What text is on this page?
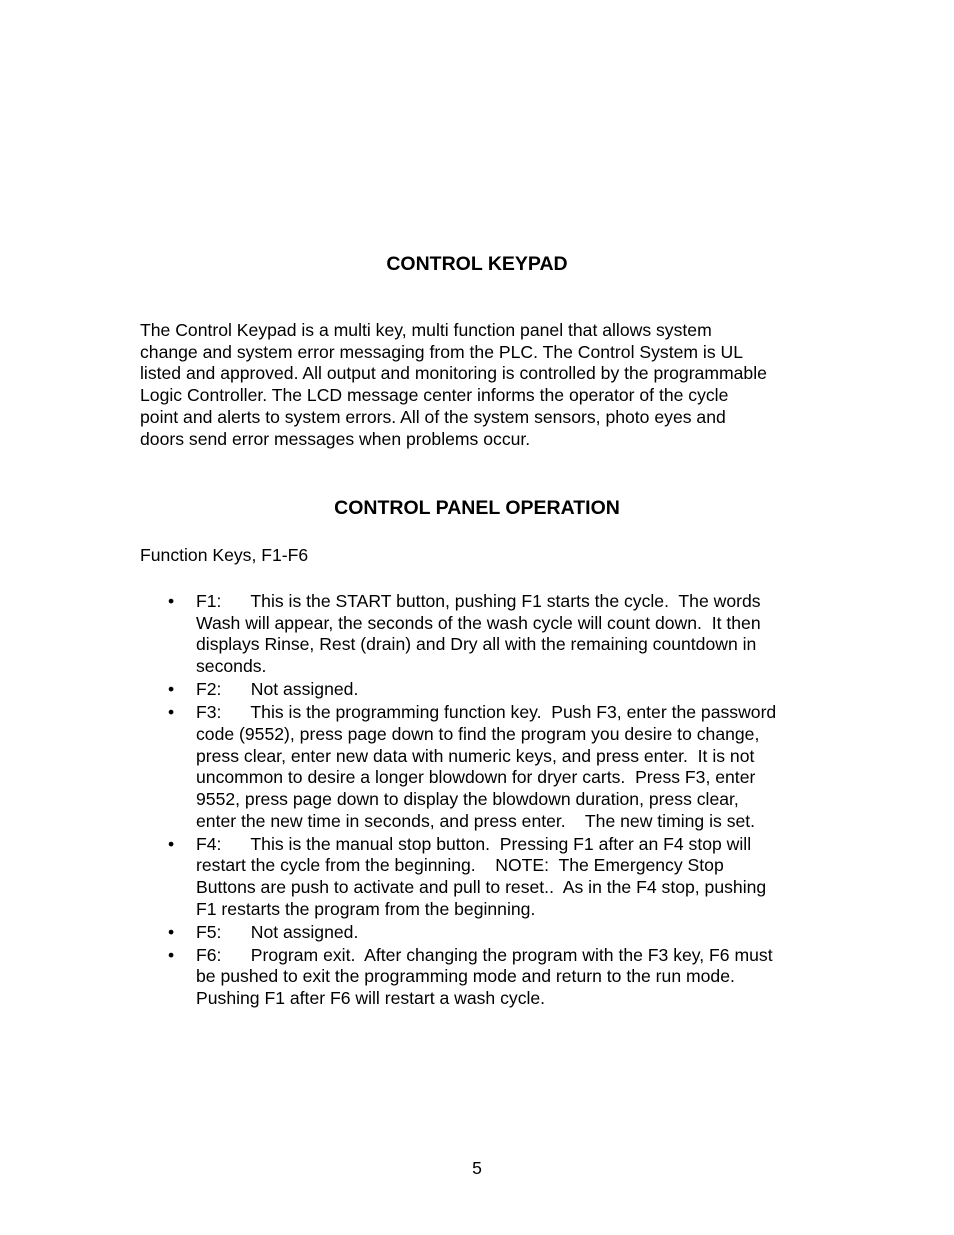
CONTROL KEYPAD
The Control Keypad is a multi key, multi function panel that allows system
change and system error messaging from the PLC. The Control System is UL
listed and approved. All output and monitoring is controlled by the programmable
Logic Controller. The LCD message center informs the operator of the cycle
point and alerts to system errors. All of the system sensors, photo eyes and
doors send error messages when problems occur.
CONTROL PANEL OPERATION
Function Keys, F1-F6
• F1:      This is the START button, pushing F1 starts the cycle.  The words
Wash will appear, the seconds of the wash cycle will count down.  It then
displays Rinse, Rest (drain) and Dry all with the remaining countdown in
seconds.
• F2:      Not assigned.
• F3:      This is the programming function key.  Push F3, enter the password
code (9552), press page down to find the program you desire to change,
press clear, enter new data with numeric keys, and press enter.  It is not
uncommon to desire a longer blowdown for dryer carts.  Press F3, enter
9552, press page down to display the blowdown duration, press clear,
enter the new time in seconds, and press enter.    The new timing is set.
• F4:      This is the manual stop button.  Pressing F1 after an F4 stop will
restart the cycle from the beginning.    NOTE:  The Emergency Stop
Buttons are push to activate and pull to reset..  As in the F4 stop, pushing
F1 restarts the program from the beginning.
• F5:      Not assigned.
• F6:      Program exit.  After changing the program with the F3 key, F6 must
be pushed to exit the programming mode and return to the run mode.
Pushing F1 after F6 will restart a wash cycle.
5
